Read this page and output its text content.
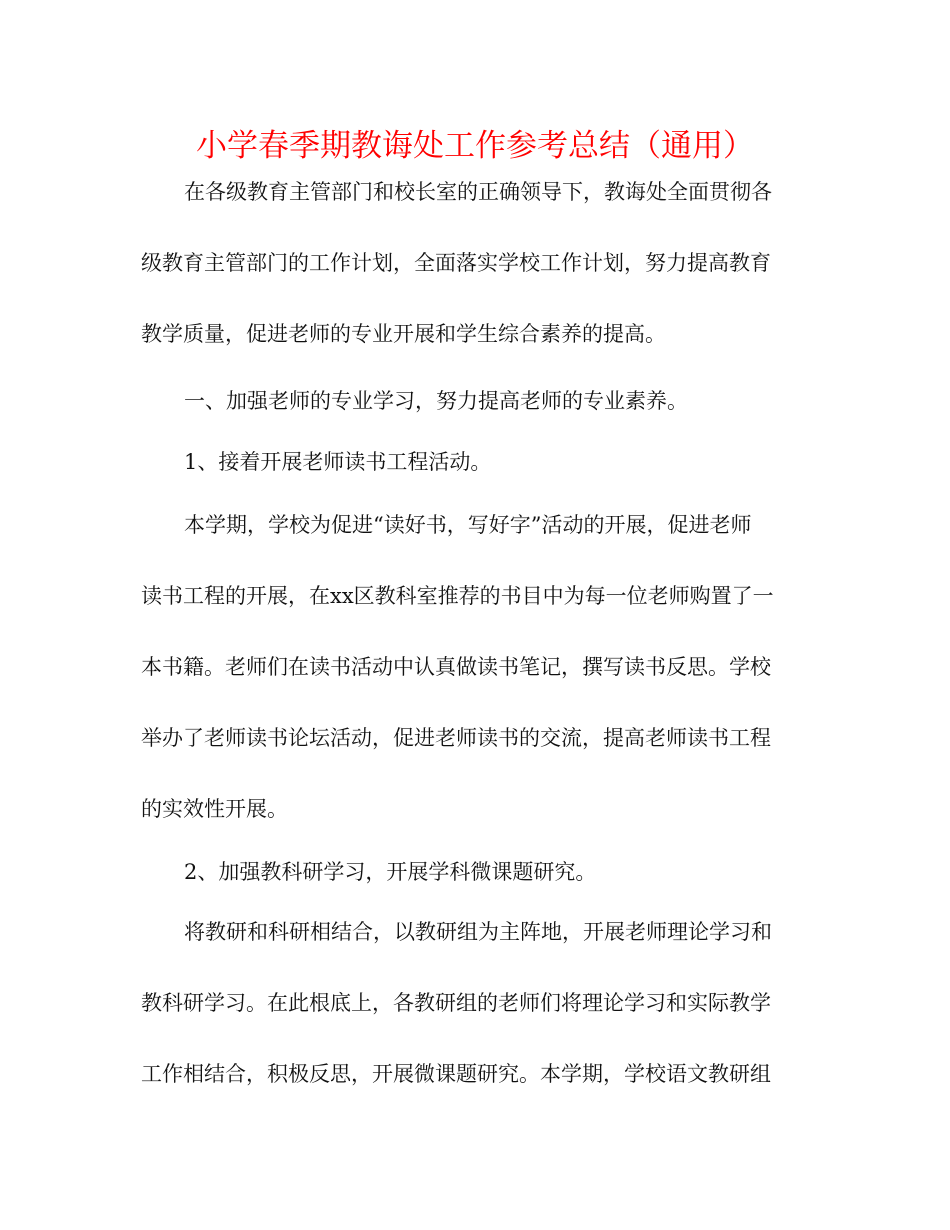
小学春季期教诲处工作参考总结（通用）
在各级教育主管部门和校长室的正确领导下，教诲处全面贯彻各
级教育主管部门的工作计划，全面落实学校工作计划，努力提高教育
教学质量，促进老师的专业开展和学生综合素养的提高。
一、加强老师的专业学习，努力提高老师的专业素养。
1、接着开展老师读书工程活动。
本学期，学校为促进“读好书，写好字”活动的开展，促进老师
读书工程的开展，在xx区教科室推荐的书目中为每一位老师购置了一
本书籍。老师们在读书活动中认真做读书笔记，撰写读书反思。学校
举办了老师读书论坛活动，促进老师读书的交流，提高老师读书工程
的实效性开展。
2、加强教科研学习，开展学科微课题研究。
将教研和科研相结合，以教研组为主阵地，开展老师理论学习和
教科研学习。在此根底上，各教研组的老师们将理论学习和实际教学
工作相结合，积极反思，开展微课题研究。本学期，学校语文教研组
